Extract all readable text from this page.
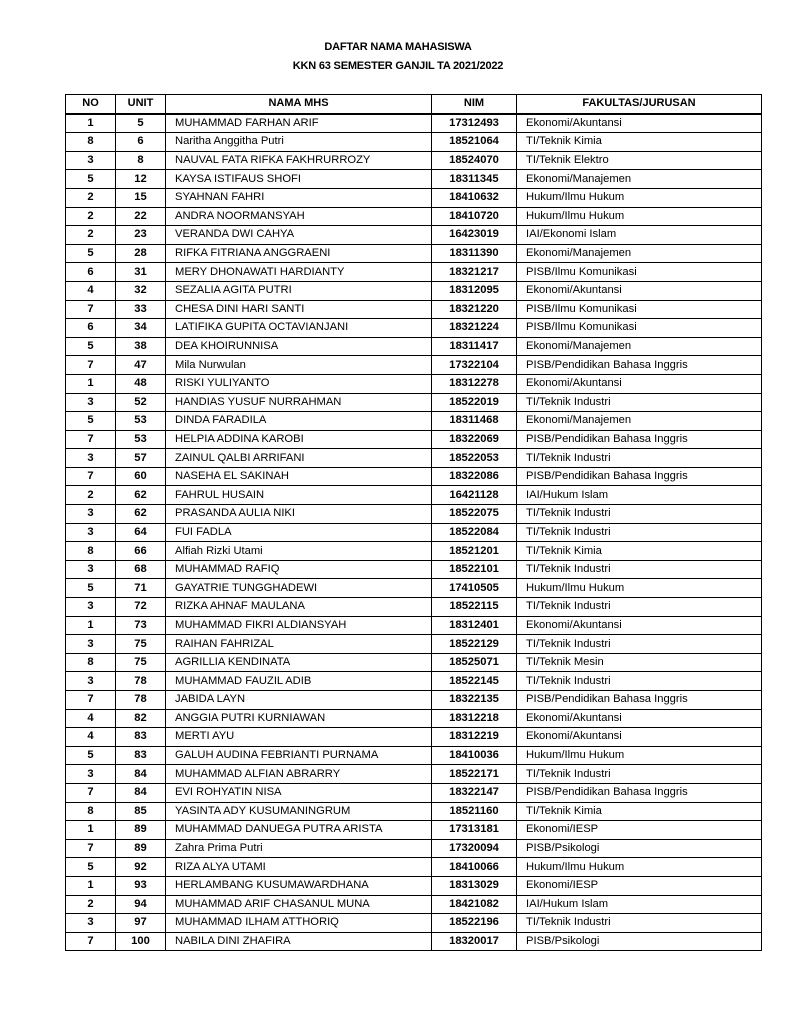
DAFTAR NAMA MAHASISWA
KKN 63 SEMESTER GANJIL TA 2021/2022
NO	UNIT	NAMA MHS	NIM	FAKULTAS/JURUSAN
1	5	MUHAMMAD FARHAN ARIF	17312493	Ekonomi/Akuntansi
8	6	Naritha Anggitha Putri	18521064	TI/Teknik Kimia
3	8	NAUVAL FATA RIFKA FAKHRURROZY	18524070	TI/Teknik Elektro
5	12	KAYSA ISTIFAUS SHOFI	18311345	Ekonomi/Manajemen
2	15	SYAHNAN FAHRI	18410632	Hukum/Ilmu Hukum
2	22	ANDRA NOORMANSYAH	18410720	Hukum/Ilmu Hukum
2	23	VERANDA DWI CAHYA	16423019	IAI/Ekonomi Islam
5	28	RIFKA FITRIANA ANGGRAENI	18311390	Ekonomi/Manajemen
6	31	MERY DHONAWATI HARDIANTY	18321217	PISB/Ilmu Komunikasi
4	32	SEZALIA AGITA PUTRI	18312095	Ekonomi/Akuntansi
7	33	CHESA DINI HARI SANTI	18321220	PISB/Ilmu Komunikasi
6	34	LATIFIKA GUPITA OCTAVIANJANI	18321224	PISB/Ilmu Komunikasi
5	38	DEA KHOIRUNNISA	18311417	Ekonomi/Manajemen
7	47	Mila Nurwulan	17322104	PISB/Pendidikan Bahasa Inggris
1	48	RISKI YULIYANTO	18312278	Ekonomi/Akuntansi
3	52	HANDIAS YUSUF NURRAHMAN	18522019	TI/Teknik Industri
5	53	DINDA FARADILA	18311468	Ekonomi/Manajemen
7	53	HELPIA ADDINA KAROBI	18322069	PISB/Pendidikan Bahasa Inggris
3	57	ZAINUL QALBI ARRIFANI	18522053	TI/Teknik Industri
7	60	NASEHA EL SAKINAH	18322086	PISB/Pendidikan Bahasa Inggris
2	62	FAHRUL HUSAIN	16421128	IAI/Hukum Islam
3	62	PRASANDA AULIA NIKI	18522075	TI/Teknik Industri
3	64	FUI FADLA	18522084	TI/Teknik Industri
8	66	Alfiah Rizki Utami	18521201	TI/Teknik Kimia
3	68	MUHAMMAD RAFIQ	18522101	TI/Teknik Industri
5	71	GAYATRIE TUNGGHADEWI	17410505	Hukum/Ilmu Hukum
3	72	RIZKA AHNAF MAULANA	18522115	TI/Teknik Industri
1	73	MUHAMMAD FIKRI ALDIANSYAH	18312401	Ekonomi/Akuntansi
3	75	RAIHAN FAHRIZAL	18522129	TI/Teknik Industri
8	75	AGRILLIA KENDINATA	18525071	TI/Teknik Mesin
3	78	MUHAMMAD FAUZIL ADIB	18522145	TI/Teknik Industri
7	78	JABIDA LAYN	18322135	PISB/Pendidikan Bahasa Inggris
4	82	ANGGIA PUTRI KURNIAWAN	18312218	Ekonomi/Akuntansi
4	83	MERTI AYU	18312219	Ekonomi/Akuntansi
5	83	GALUH AUDINA FEBRIANTI PURNAMA	18410036	Hukum/Ilmu Hukum
3	84	MUHAMMAD ALFIAN ABRARRY	18522171	TI/Teknik Industri
7	84	EVI ROHYATIN NISA	18322147	PISB/Pendidikan Bahasa Inggris
8	85	YASINTA ADY KUSUMANINGRUM	18521160	TI/Teknik Kimia
1	89	MUHAMMAD DANUEGA PUTRA ARISTA	17313181	Ekonomi/IESP
7	89	Zahra Prima Putri	17320094	PISB/Psikologi
5	92	RIZA ALYA UTAMI	18410066	Hukum/Ilmu Hukum
1	93	HERLAMBANG KUSUMAWARDHANA	18313029	Ekonomi/IESP
2	94	MUHAMMAD ARIF CHASANUL MUNA	18421082	IAI/Hukum Islam
3	97	MUHAMMAD ILHAM ATTHORIQ	18522196	TI/Teknik Industri
7	100	NABILA DINI ZHAFIRA	18320017	PISB/Psikologi
